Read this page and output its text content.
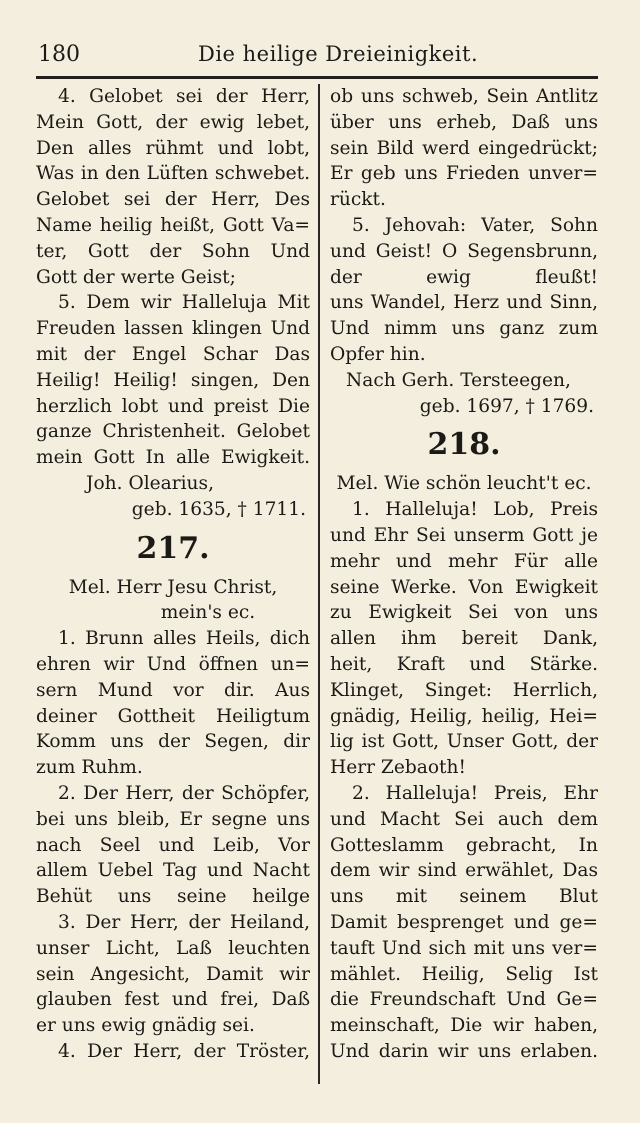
180	Die heilige Dreieinigkeit.
4. Gelobet sei der Herr,
Mein Gott, der ewig lebet,
Den alles rühmt und lobt,
Was in den Lüften schwebet.
Gelobet sei der Herr, Des
Name heilig heißt, Gott Va=
ter, Gott der Sohn Und
Gott der werte Geist;
5. Dem wir Halleluja Mit
Freuden lassen klingen Und
mit der Engel Schar Das
Heilig! Heilig! singen, Den
herzlich lobt und preist Die
ganze Christenheit. Gelobet
mein Gott In alle Ewigkeit.
Joh. Olearius,
geb. 1635, † 1711.
217.
Mel. Herr Jesu Christ,
mein's ec.
1. Brunn alles Heils, dich
ehren wir Und öffnen un=
sern Mund vor dir. Aus
deiner Gottheit Heiligtum
Komm uns der Segen, dir
zum Ruhm.
2. Der Herr, der Schöpfer,
bei uns bleib, Er segne uns
nach Seel und Leib, Vor
allem Uebel Tag und Nacht
Behüt uns seine heilge
3. Der Herr, der Heiland,
unser Licht, Laß leuchten
sein Angesicht, Damit wir
glauben fest und frei, Daß
er uns ewig gnädig sei.
4. Der Herr, der Tröster,
ob uns schweb, Sein Antlitz
über uns erheb, Daß uns
sein Bild werd eingedrückt;
Er geb uns Frieden unver=
rückt.
5. Jehovah: Vater, Sohn
und Geist! O Segensbrunn,
der ewig fleußt!
uns Wandel, Herz und Sinn,
Und nimm uns ganz zum
Opfer hin.
Nach Gerh. Tersteegen,
geb. 1697, † 1769.
218.
Mel. Wie schön leucht't ec.
1. Halleluja! Lob, Preis
und Ehr Sei unserm Gott je
mehr und mehr Für alle
seine Werke. Von Ewigkeit
zu Ewigkeit Sei von uns
allen ihm bereit Dank,
heit, Kraft und Stärke.
Klinget, Singet: Herrlich,
gnädig, Heilig, heilig, Hei=
lig ist Gott, Unser Gott, der
Herr Zebaoth!
2. Halleluja! Preis, Ehr
und Macht Sei auch dem
Gotteslamm gebracht, In
dem wir sind erwählet, Das
uns mit seinem Blut
Damit besprenget und ge=
tauft Und sich mit uns ver=
mählet. Heilig, Selig Ist
die Freundschaft Und Ge=
meinschaft, Die wir haben,
Und darin wir uns erlaben.
